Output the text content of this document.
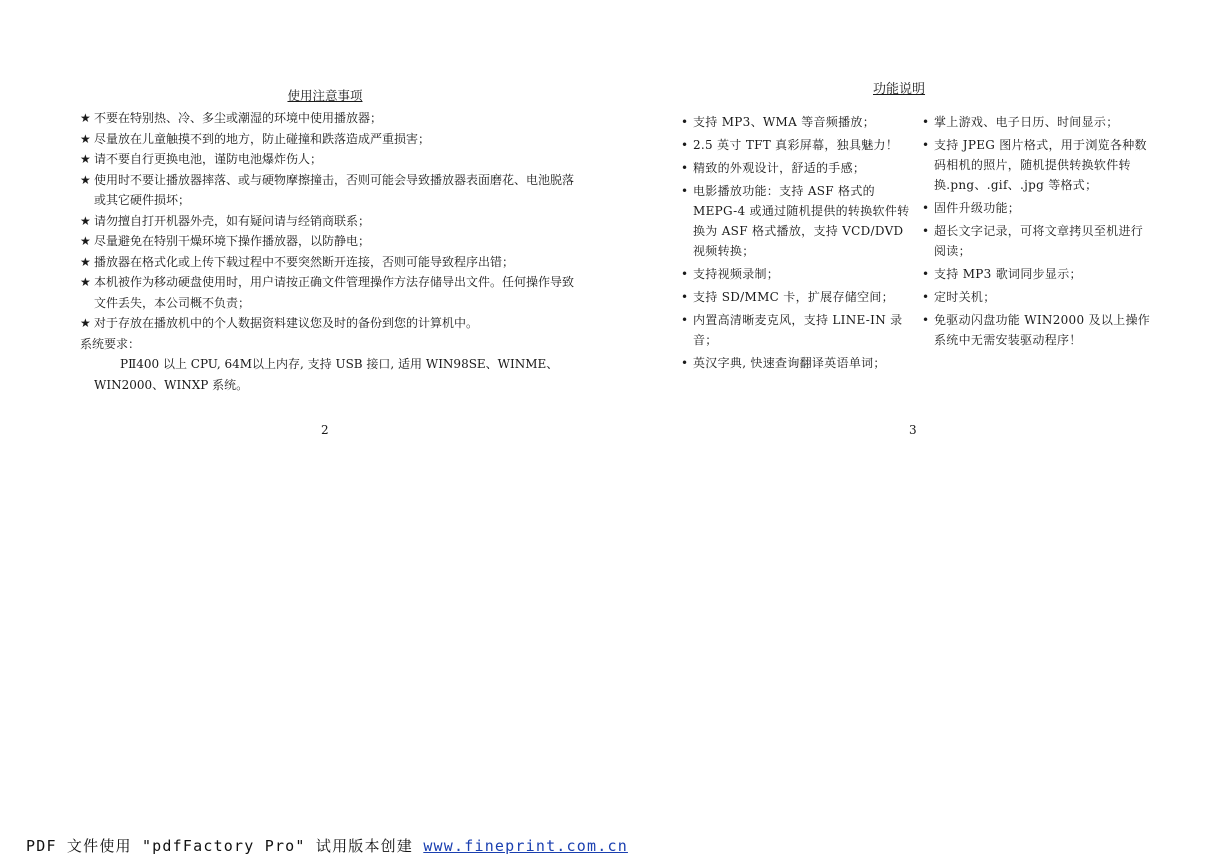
使用注意事项
★ 不要在特别热、冷、多尘或潮湿的环境中使用播放器；
★ 尽量放在儿童触摸不到的地方，防止碰撞和跌落造成严重损害；
★ 请不要自行更换电池，谨防电池爆炸伤人；
★ 使用时不要让播放器摔落、或与硬物摩擦撞击，否则可能会导致播放器表面磨花、电池脱落或其它硬件损坏；
★ 请勿擅自打开机器外壳，如有疑问请与经销商联系；
★ 尽量避免在特别干燥环境下操作播放器，以防静电；
★ 播放器在格式化或上传下载过程中不要突然断开连接，否则可能导致程序出错；
★ 本机被作为移动硬盘使用时，用户请按正确文件管理操作方法存储导出文件。任何操作导致文件丢失，本公司概不负责；
★ 对于存放在播放机中的个人数据资料建议您及时的备份到您的计算机中。
系统要求：
PⅡ400 以上 CPU, 64M以上内存, 支持 USB 接口, 适用 WIN98SE、WINME、WIN2000、WINXP 系统。
2
功能说明
• 支持 MP3、WMA 等音频播放；
• 2.5 英寸 TFT 真彩屏幕，独具魅力！
• 精致的外观设计，舒适的手感；
• 电影播放功能：支持 ASF 格式的 MEPG-4 或通过随机提供的转换软件转换为 ASF 格式播放，支持 VCD/DVD 视频转换；
• 支持视频录制；
• 支持 SD/MMC 卡，扩展存储空间；
• 内置高清晰麦克风，支持 LINE-IN 录音；
• 英汉字典, 快速查询翻译英语单词；
• 掌上游戏、电子日历、时间显示；
• 支持 JPEG 图片格式，用于浏览各种数码相机的照片，随机提供转换软件转换.png、.gif、.jpg 等格式；
• 固件升级功能；
• 超长文字记录，可将文章拷贝至机进行阅读；
• 支持 MP3 歌词同步显示；
• 定时关机；
• 免驱动闪盘功能 WIN2000 及以上操作系统中无需安装驱动程序！
3
PDF 文件使用 "pdfFactory Pro" 试用版本创建 www.fineprint.com.cn
